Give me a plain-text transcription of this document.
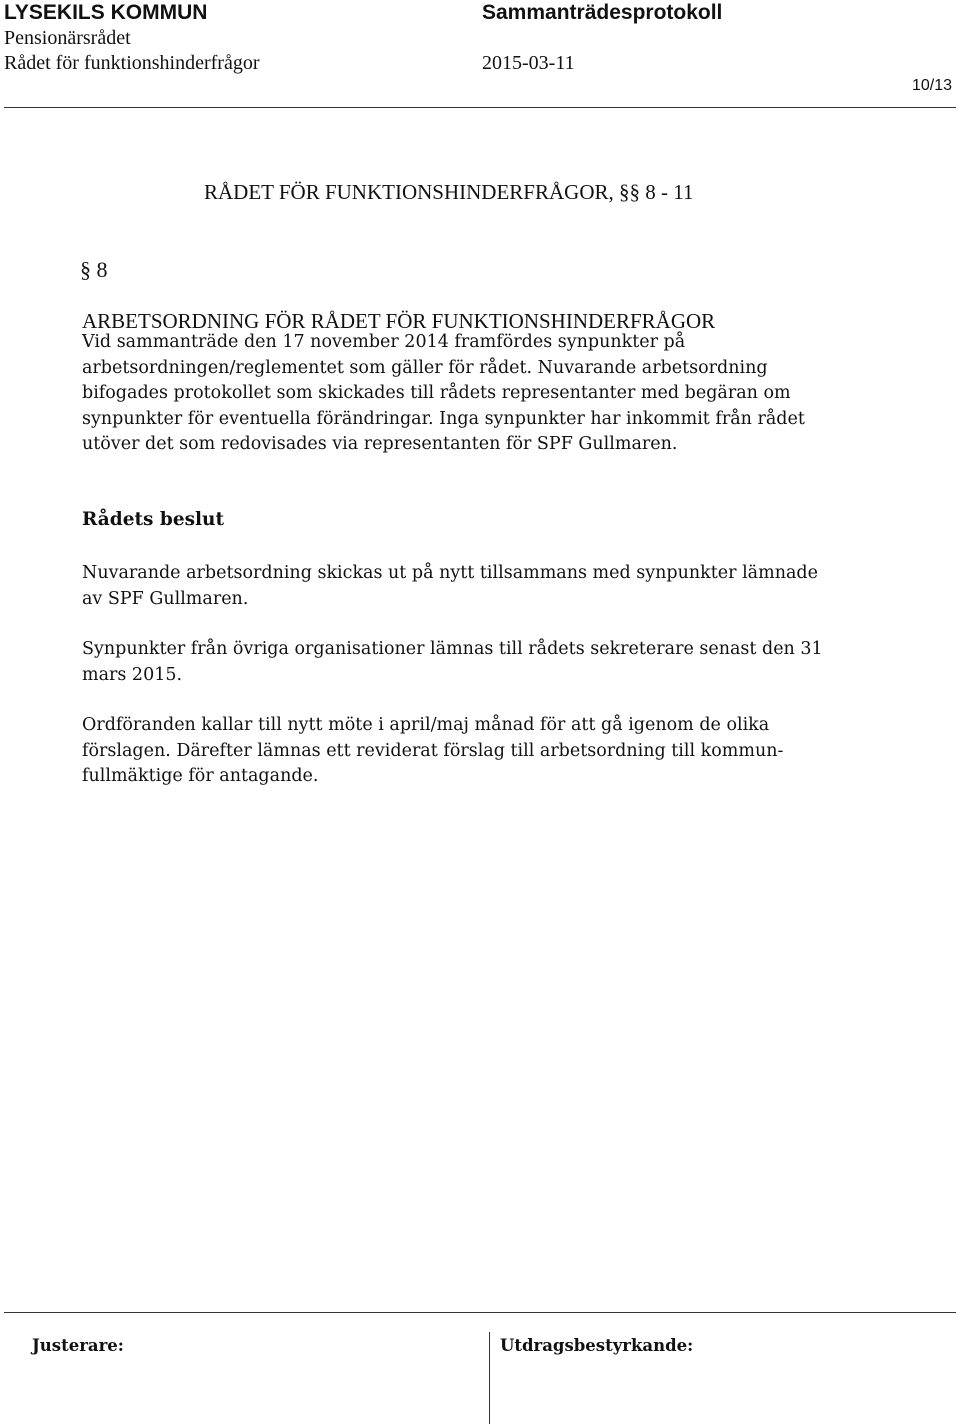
LYSEKILS KOMMUN	Sammanträdesprotokoll
Pensionärsrådet
Rådet för funktionshinderfrågor	2015-03-11
10/13
RÅDET FÖR FUNKTIONSHINDERFRÅGOR, §§ 8 - 11
§ 8
ARBETSORDNING FÖR RÅDET FÖR FUNKTIONSHINDERFRÅGOR
Vid sammanträde den 17 november 2014 framfördes synpunkter på
arbetsordningen/reglementet som gäller för rådet. Nuvarande arbetsordning
bifogades protokollet som skickades till rådets representanter med begäran om
synpunkter för eventuella förändringar. Inga synpunkter har inkommit från rådet
utöver det som redovisades via representanten för SPF Gullmaren.
Rådets beslut
Nuvarande arbetsordning skickas ut på nytt tillsammans med synpunkter lämnade
av SPF Gullmaren.
Synpunkter från övriga organisationer lämnas till rådets sekreterare senast den 31
mars 2015.
Ordföranden kallar till nytt möte i april/maj månad för att gå igenom de olika
förslagen. Därefter lämnas ett reviderat förslag till arbetsordning till kommun-
fullmäktige för antagande.
Justerare:	Utdragsbestyrkande:
